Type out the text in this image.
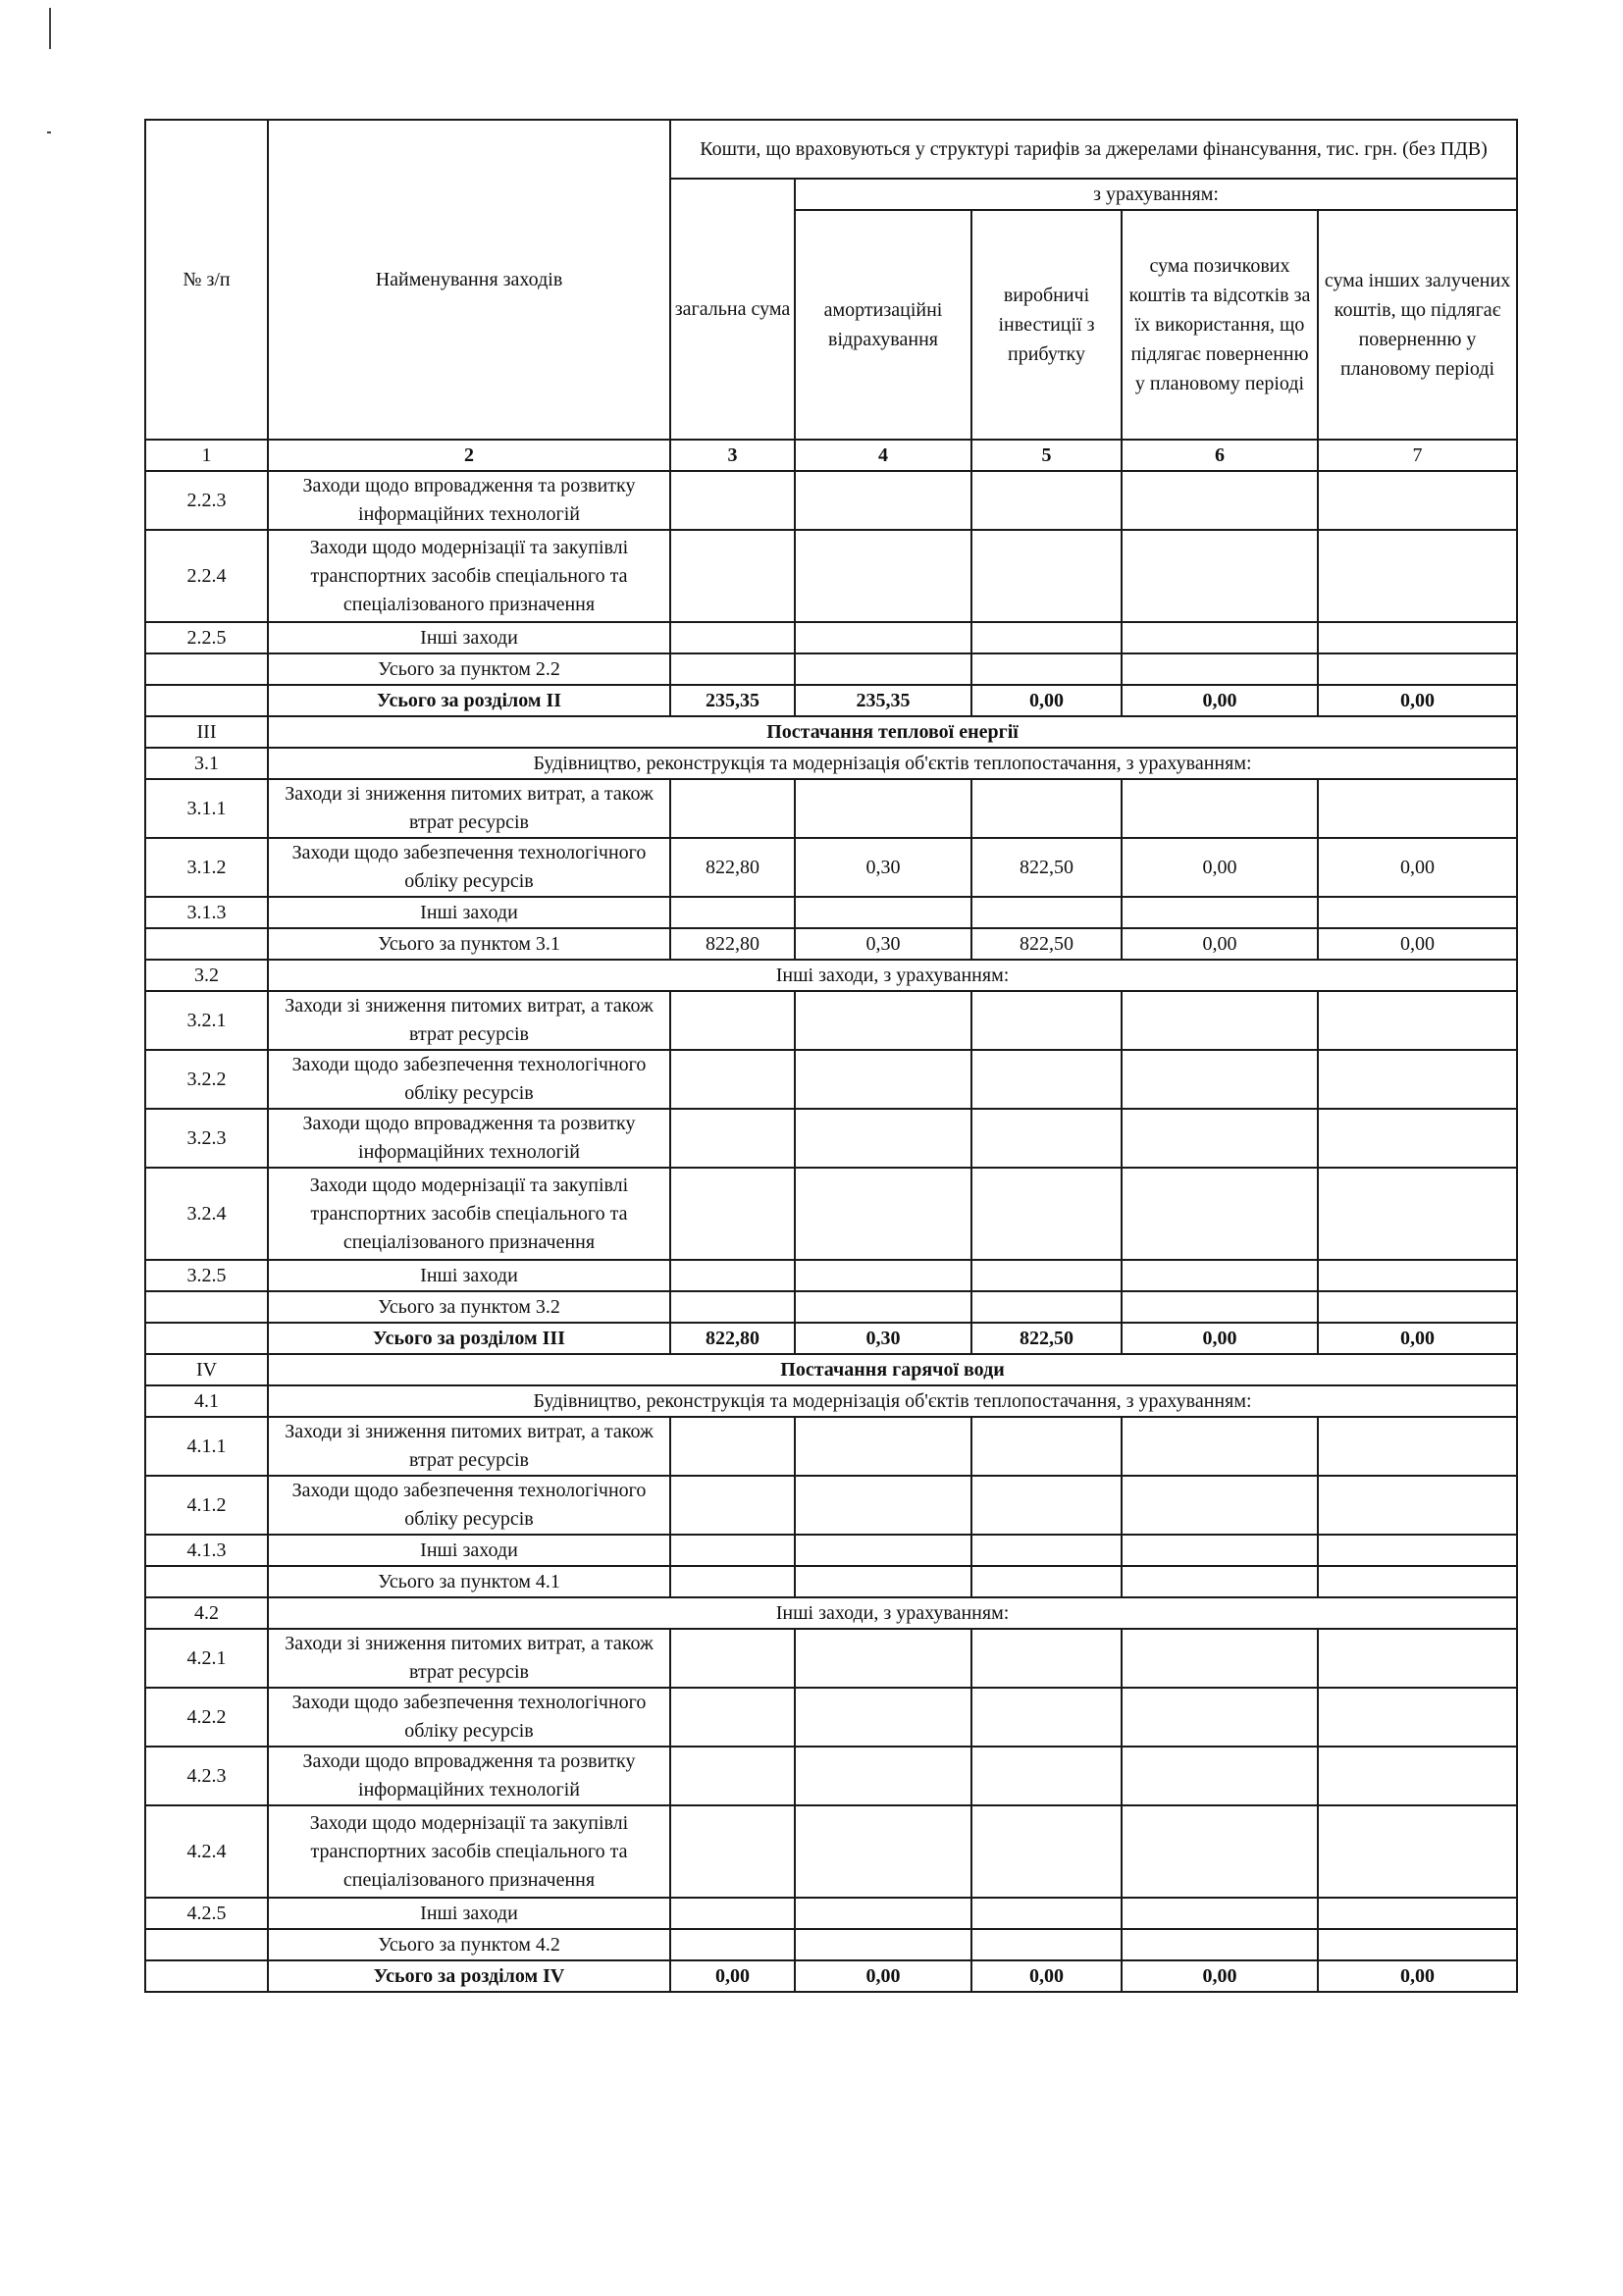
№ з/п	Найменування заходів	Кошти, що враховуються у структурі тарифів за джерелами фінансування, тис. грн. (без ПДВ)				
		загальна сума	з урахуванням:			
			амортизаційні відрахування	виробничі інвестиції з прибутку	сума позичкових коштів та відсотків за їх використання, що підлягає поверненню у плановому періоді	сума інших залучених коштів, що підлягає поверненню у плановому періоді
1	2	3	4	5	6	7
2.2.3	Заходи щодо впровадження та розвитку інформаційних технологій					
2.2.4	Заходи щодо модернізації та закупівлі транспортних засобів спеціального та спеціалізованого призначення					
2.2.5	Інші заходи					
	Усього за пунктом 2.2					
	Усього за розділом ІІ	235,35	235,35	0,00	0,00	0,00
ІІІ	Постачання теплової енергії					
3.1	Будівництво, реконструкція та модернізація об'єктів теплопостачання, з урахуванням:					
3.1.1	Заходи зі зниження питомих витрат, а також втрат ресурсів					
3.1.2	Заходи щодо забезпечення технологічного обліку ресурсів	822,80	0,30	822,50	0,00	0,00
3.1.3	Інші заходи					
	Усього за пунктом 3.1	822,80	0,30	822,50	0,00	0,00
3.2	Інші заходи, з урахуванням:					
3.2.1	Заходи зі зниження питомих витрат, а також втрат ресурсів					
3.2.2	Заходи щодо забезпечення технологічного обліку ресурсів					
3.2.3	Заходи щодо впровадження та розвитку інформаційних технологій					
3.2.4	Заходи щодо модернізації та закупівлі транспортних засобів спеціального та спеціалізованого призначення					
3.2.5	Інші заходи					
	Усього за пунктом 3.2					
	Усього за розділом ІІІ	822,80	0,30	822,50	0,00	0,00
IV	Постачання гарячої води					
4.1	Будівництво, реконструкція та модернізація об'єктів теплопостачання, з урахуванням:					
4.1.1	Заходи зі зниження питомих витрат, а також втрат ресурсів					
4.1.2	Заходи щодо забезпечення технологічного обліку ресурсів					
4.1.3	Інші заходи					
	Усього за пунктом 4.1					
4.2	Інші заходи, з урахуванням:					
4.2.1	Заходи зі зниження питомих витрат, а також втрат ресурсів					
4.2.2	Заходи щодо забезпечення технологічного обліку ресурсів					
4.2.3	Заходи щодо впровадження та розвитку інформаційних технологій					
4.2.4	Заходи щодо модернізації та закупівлі транспортних засобів спеціального та спеціалізованого призначення					
4.2.5	Інші заходи					
	Усього за пунктом 4.2					
	Усього за розділом IV	0,00	0,00	0,00	0,00	0,00
